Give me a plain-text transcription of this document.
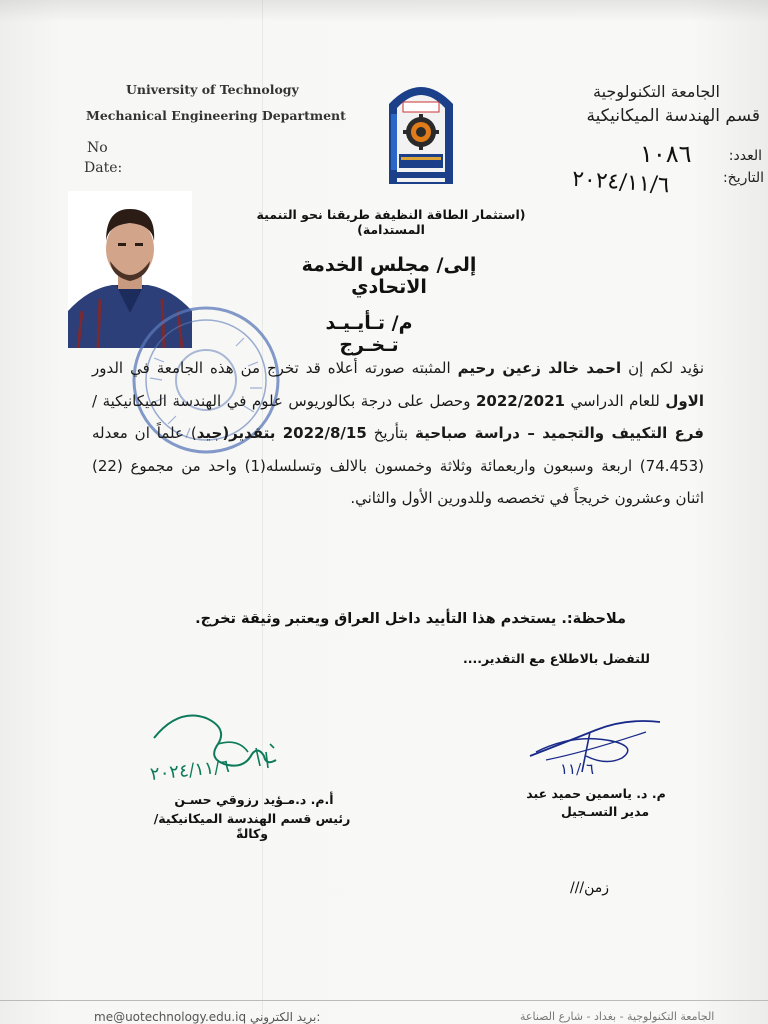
University of Technology
Mechanical Engineering Department
No
Date:
الجامعة التكنولوجية
قسم الهندسة الميكانيكية
العدد:
التاريخ:
١٠٨٦
٢٠٢٤/١١/٦
(استثمار الطاقة النظيفة طريقنا نحو التنمية المستدامة)
إلى/ مجلس الخدمة الاتحادي
م/ تـأيـيـد تـخـرج
نؤيد لكم إن احمد خالد زعين رحيم المثبته صورته أعلاه قد تخرج من هذه الجامعة في الدور الاول للعام الدراسي 2022/2021 وحصل على درجة بكالوريوس علوم في الهندسة الميكانيكية / فرع التكييف والتجميد – دراسة صباحية بتأريخ 2022/8/15 بتقدير(جيد) علماً ان معدله (74.453) اربعة وسبعون واربعمائة وثلاثة وخمسون بالالف وتسلسله(1) واحد من مجموع (22) اثنان وعشرون خريجاً في تخصصه وللدورين الأول والثاني.
ملاحظة:. يستخدم هذا التأييد داخل العراق ويعتبر وثيقة تخرج.
للتفضل بالاطلاع مع التقدير....
٢٠٢٤/١١/٦	٦ /١١
أ.م. د.مـؤيد رزوقي حسـن
رئيس قسم الهندسة الميكانيكية/ وكالةً
م. د. ياسمين حميد عبد
مدير التسـجيل
زمن///
me@uotechnology.edu.iq بريد الكتروني:	الجامعة التكنولوجية - بغداد - شارع الصناعة
